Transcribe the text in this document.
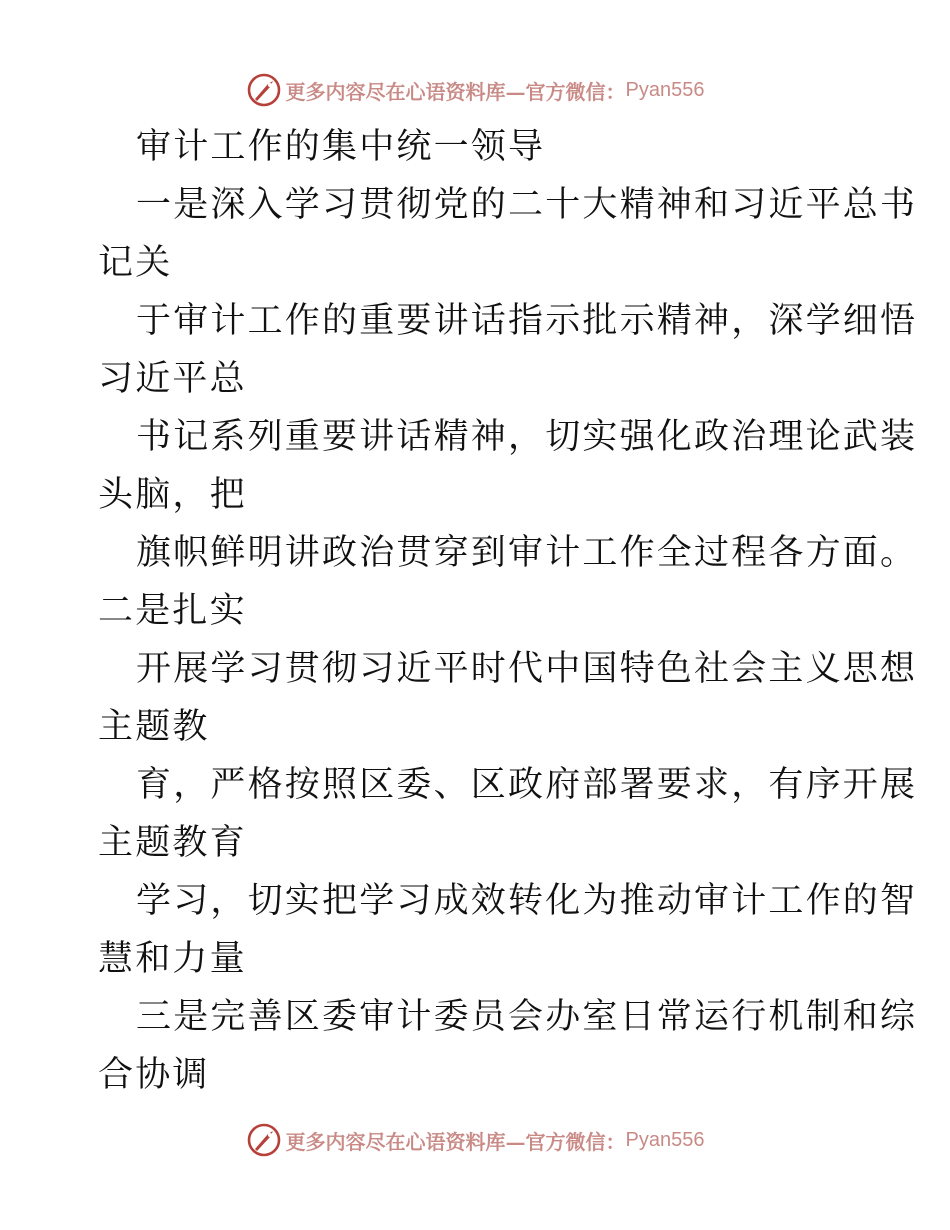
更多内容尽在心语资料库—官方微信： Pyan556
审计工作的集中统一领导
一是深入学习贯彻党的二十大精神和习近平总书
记关
于审计工作的重要讲话指示批示精神，深学细悟
习近平总
书记系列重要讲话精神，切实强化政治理论武装
头脑，把
旗帜鲜明讲政治贯穿到审计工作全过程各方面。
二是扎实
开展学习贯彻习近平时代中国特色社会主义思想
主题教
育，严格按照区委、区政府部署要求，有序开展
主题教育
学习，切实把学习成效转化为推动审计工作的智
慧和力量
三是完善区委审计委员会办室日常运行机制和综
合协调
更多内容尽在心语资料库—官方微信： Pyan556
